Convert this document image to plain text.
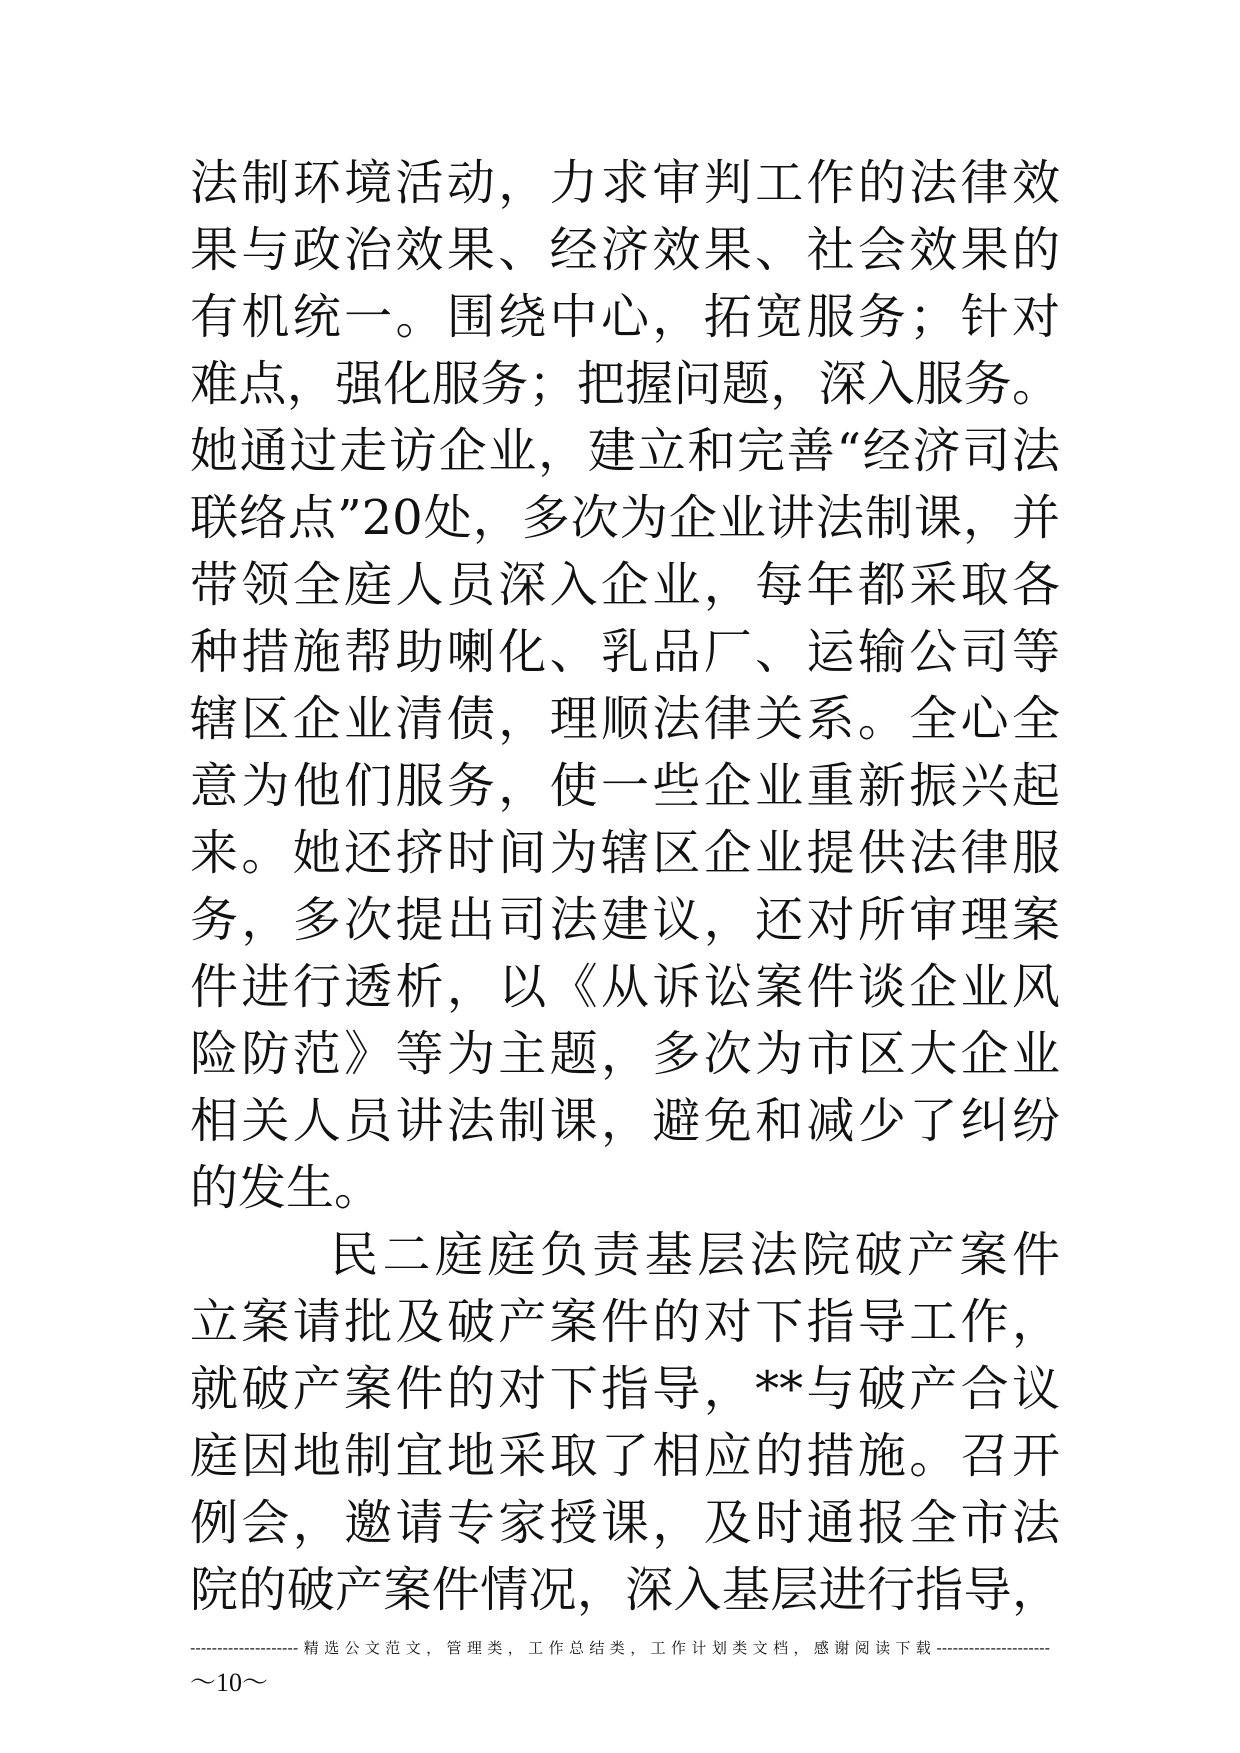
法制环境活动，力求审判工作的法律效
果与政治效果、经济效果、社会效果的
有机统一。围绕中心，拓宽服务；针对
难点，强化服务；把握问题，深入服务。
她通过走访企业，建立和完善“经济司法
联络点”20处，多次为企业讲法制课，并
带领全庭人员深入企业，每年都采取各
种措施帮助喇化、乳品厂、运输公司等
辖区企业清债，理顺法律关系。全心全
意为他们服务，使一些企业重新振兴起
来。她还挤时间为辖区企业提供法律服
务，多次提出司法建议，还对所审理案
件进行透析，以《从诉讼案件谈企业风
险防范》等为主题，多次为市区大企业
相关人员讲法制课，避免和减少了纠纷
的发生。
民二庭庭负责基层法院破产案件
立案请批及破产案件的对下指导工作，
就破产案件的对下指导，**与破产合议
庭因地制宜地采取了相应的措施。召开
例会，邀请专家授课，及时通报全市法
院的破产案件情况，深入基层进行指导，
--------------------精选公文范文，管理类，工作总结类，工作计划类文档，感谢阅读下载---------------------
～10～
